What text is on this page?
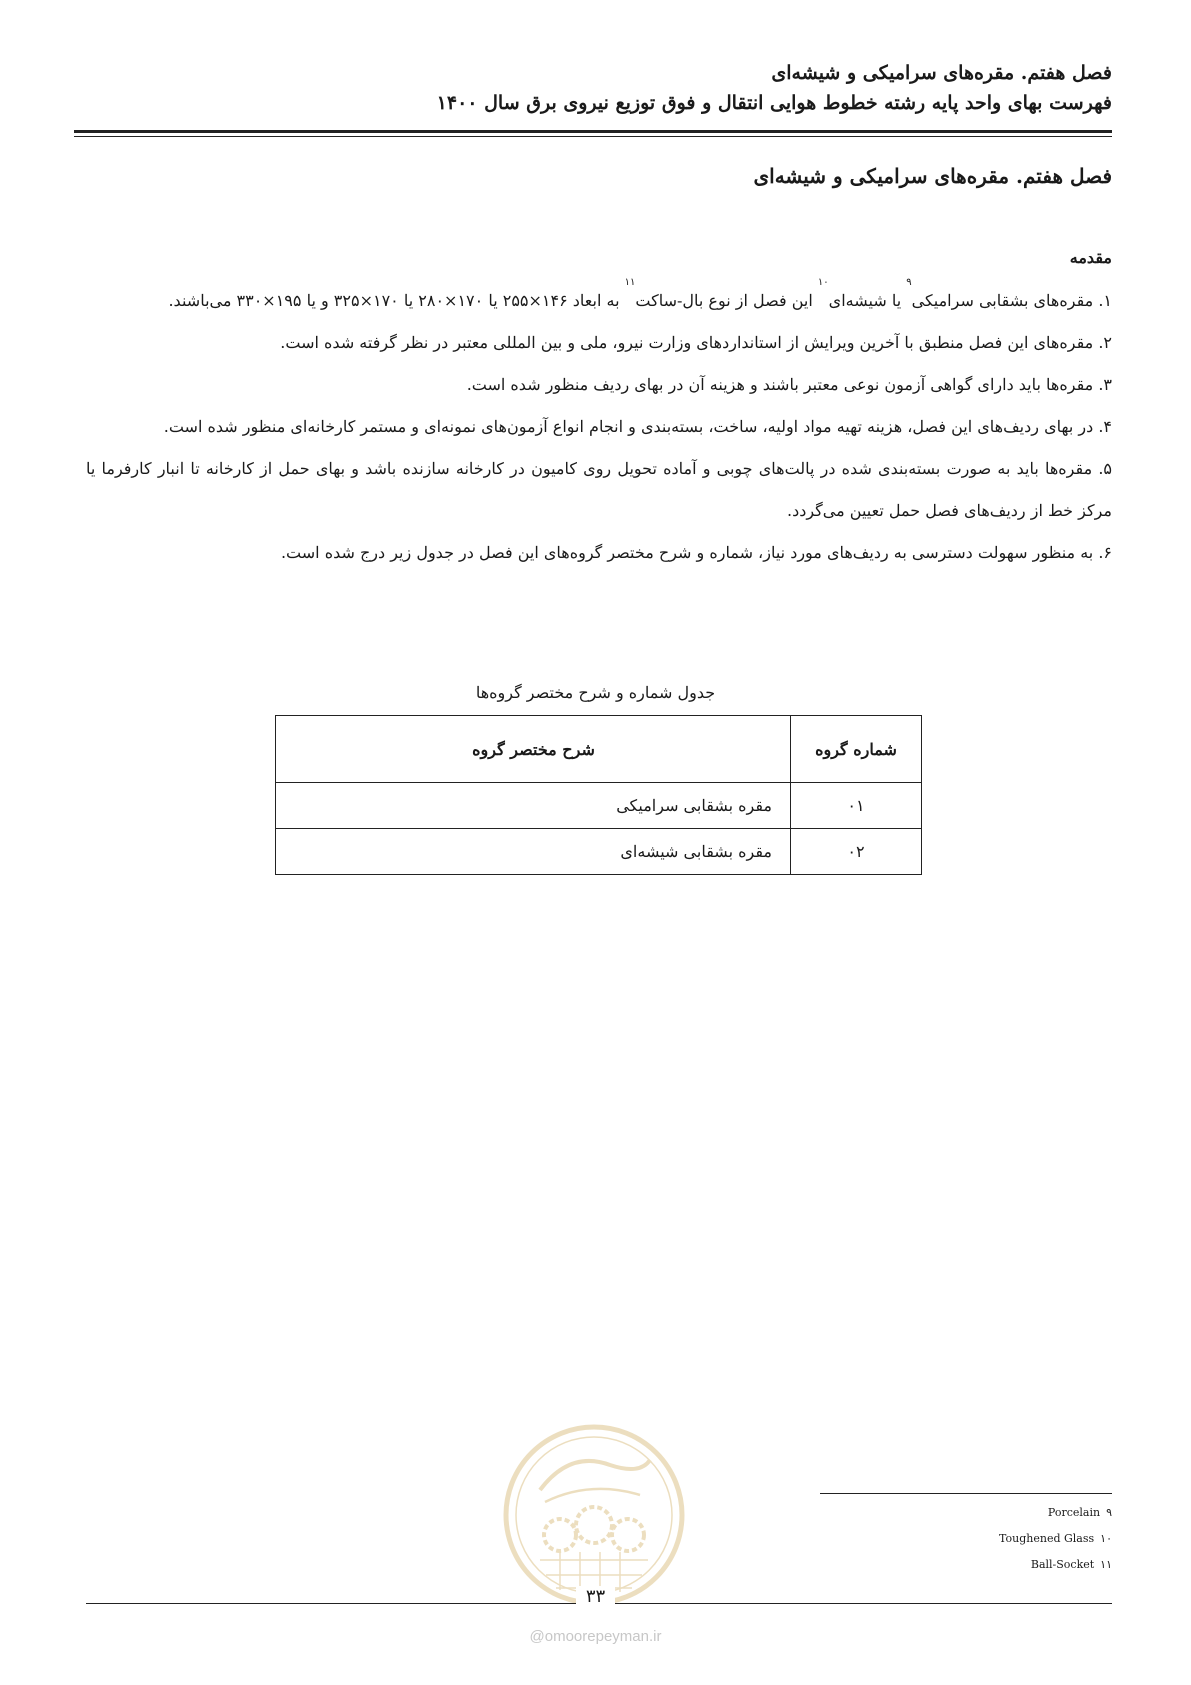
فصل هفتم. مقره‌های سرامیکی و شیشه‌ای
فهرست بهای واحد پایه رشته خطوط هوایی انتقال و فوق توزیع نیروی برق سال ۱۴۰۰
فصل هفتم. مقره‌های سرامیکی و شیشه‌ای
مقدمه
۱. مقره‌های بشقابی سرامیکی$^۹$ یا شیشه‌ای$^{۱۰}$ این فصل از نوع بال-ساکت$^{۱۱}$ به ابعاد ۱۴۶×۲۵۵ یا ۱۷۰×۲۸۰ یا ۱۷۰×۳۲۵ و یا ۱۹۵×۳۳۰ می‌باشند.
۲. مقره‌های این فصل منطبق با آخرین ویرایش از استانداردهای وزارت نیرو، ملی و بین المللی معتبر در نظر گرفته شده است.
۳. مقره‌ها باید دارای گواهی آزمون نوعی معتبر باشند و هزینه آن در بهای ردیف منظور شده است.
۴. در بهای ردیف‌های این فصل، هزینه تهیه مواد اولیه، ساخت، بسته‌بندی و انجام انواع آزمون‌های نمونه‌ای و مستمر کارخانه‌ای منظور شده است.
۵. مقره‌ها باید به صورت بسته‌بندی شده در پالت‌های چوبی و آماده تحویل روی کامیون در کارخانه سازنده باشد و بهای حمل از کارخانه تا انبار کارفرما یا مرکز خط از ردیف‌های فصل حمل تعیین می‌گردد.
۶. به منظور سهولت دسترسی به ردیف‌های مورد نیاز، شماره و شرح مختصر گروه‌های این فصل در جدول زیر درج شده است.
جدول شماره و شرح مختصر گروه‌ها
شماره گروه	شرح مختصر گروه
۰۱	مقره بشقابی سرامیکی
۰۲	مقره بشقابی شیشه‌ای
Porcelain ۹
Toughened Glass ۱۰
Ball-Socket ۱۱
۳۳
@omoorepeyman.ir
